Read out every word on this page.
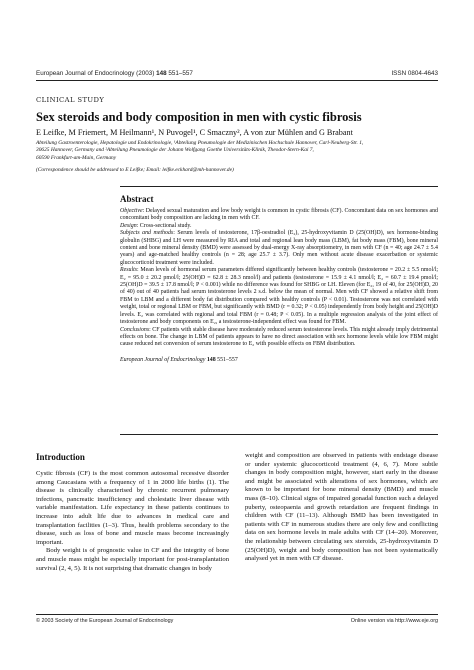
European Journal of Endocrinology (2003) 148 551–557	ISSN 0804-4643
CLINICAL STUDY
Sex steroids and body composition in men with cystic fibrosis
E Leifke, M Friemert, M Heilmann¹, N Puvogel¹, C Smaczny², A von zur Mühlen and G Brabant
Abteilung Gastroenterologie, Hepatologie und Endokrinologie, ¹Abteilung Pneumologie der Medizinischen Hochschule Hannover, Carl-Neuberg-Str. 1,
30625 Hannover, Germany and ²Abteilung Pneumologie der Johann Wolfgang Goethe Universitäts-Klinik, Theodor-Stern-Kai 7,
60590 Frankfurt-am-Main, Germany
(Correspondence should be addressed to E Leifke; Email: leifke.eckhard@mh-hannover.de)
Abstract

Objective: Delayed sexual maturation and low body weight is common in cystic fibrosis (CF). Concomitant data on sex hormones and concomitant body composition are lacking in men with CF.

Design: Cross-sectional study.

Subjects and methods: Serum levels of testosterone, 17β-oestradiol (E₂), 25-hydroxyvitamin D (25(OH)D), sex hormone-binding globulin (SHBG) and LH were measured by RIA and total and regional lean body mass (LBM), fat body mass (FBM), bone mineral content and bone mineral density (BMD) were assessed by dual-energy X-ray absorptiometry, in men with CF (n = 40; age 24.7 ± 5.4 years) and age-matched healthy controls (n = 28; age 25.7 ± 3.7). Only men without acute disease exacerbation or systemic glucocorticoid treatment were included.

Results: Mean levels of hormonal serum parameters differed significantly between healthy controls (testosterone = 20.2 ± 5.5 nmol/l; E₂ = 95.0 ± 20.2 pmol/l; 25(OH)D = 62.8 ± 28.3 nmol/l) and patients (testosterone = 15.9 ± 4.1 nmol/l; E₂ = 60.7 ± 19.4 pmol/l; 25(OH)D = 39.5 ± 17.8 nmol/l; P < 0.001) while no difference was found for SHBG or LH. Eleven (for E₂, 19 of 40, for 25(OH)D, 20 of 40) out of 40 patients had serum testosterone levels 2 s.d. below the mean of normal. Men with CF showed a relative shift from FBM to LBM and a different body fat distribution compared with healthy controls (P < 0.01). Testosterone was not correlated with weight, total or regional LBM or FBM, but significantly with BMD (r = 0.32; P < 0.05) independently from body height and 25(OH)D levels. E₂ was correlated with regional and total FBM (r = 0.48; P < 0.05). In a multiple regression analysis of the joint effect of testosterone and body components on E₂, a testosterone-independent effect was found for FBM.

Conclusions: CF patients with stable disease have moderately reduced serum testosterone levels. This might already imply detrimental effects on bone. The change in LBM of patients appears to have no direct association with sex hormone levels while low FBM might cause reduced net conversion of serum testosterone to E₂ with possible effects on FBM distribution.

European Journal of Endocrinology 148 551–557

Introduction

Cystic fibrosis (CF) is the most common autosomal recessive disorder among Caucasians with a frequency of 1 in 2000 life births (1). The disease is clinically characterised by chronic recurrent pulmonary infections, pancreatic insufficiency and cholestatic liver disease with variable manifestation. Life expectancy in these patients continues to increase into adult life due to advances in medical care and transplantation facilities (1–3). Thus, health problems secondary to the disease, such as loss of bone and muscle mass become increasingly important.

Body weight is of prognostic value in CF and the integrity of bone and muscle mass might be especially important for post-transplantation survival (2, 4, 5). It is not surprising that dramatic changes in body

weight and composition are observed in patients with endstage disease or under systemic glucocorticoid treatment (4, 6, 7). More subtle changes in body composition might, however, start early in the disease and might be associated with alterations of sex hormones, which are known to be important for bone mineral density (BMD) and muscle mass (8–10). Clinical signs of impaired gonadal function such a delayed puberty, osteopaenia and growth retardation are frequent findings in children with CF (11–13). Although BMD has been investigated in patients with CF in numerous studies there are only few and conflicting data on sex hormone levels in male adults with CF (14–20). Moreover, the relationship between circulating sex steroids, 25-hydroxyvitamin D (25(OH)D), weight and body composition has not been systematically analysed yet in men with CF disease.

© 2003 Society of the European Journal of Endocrinology	Online version via http://www.eje.org
